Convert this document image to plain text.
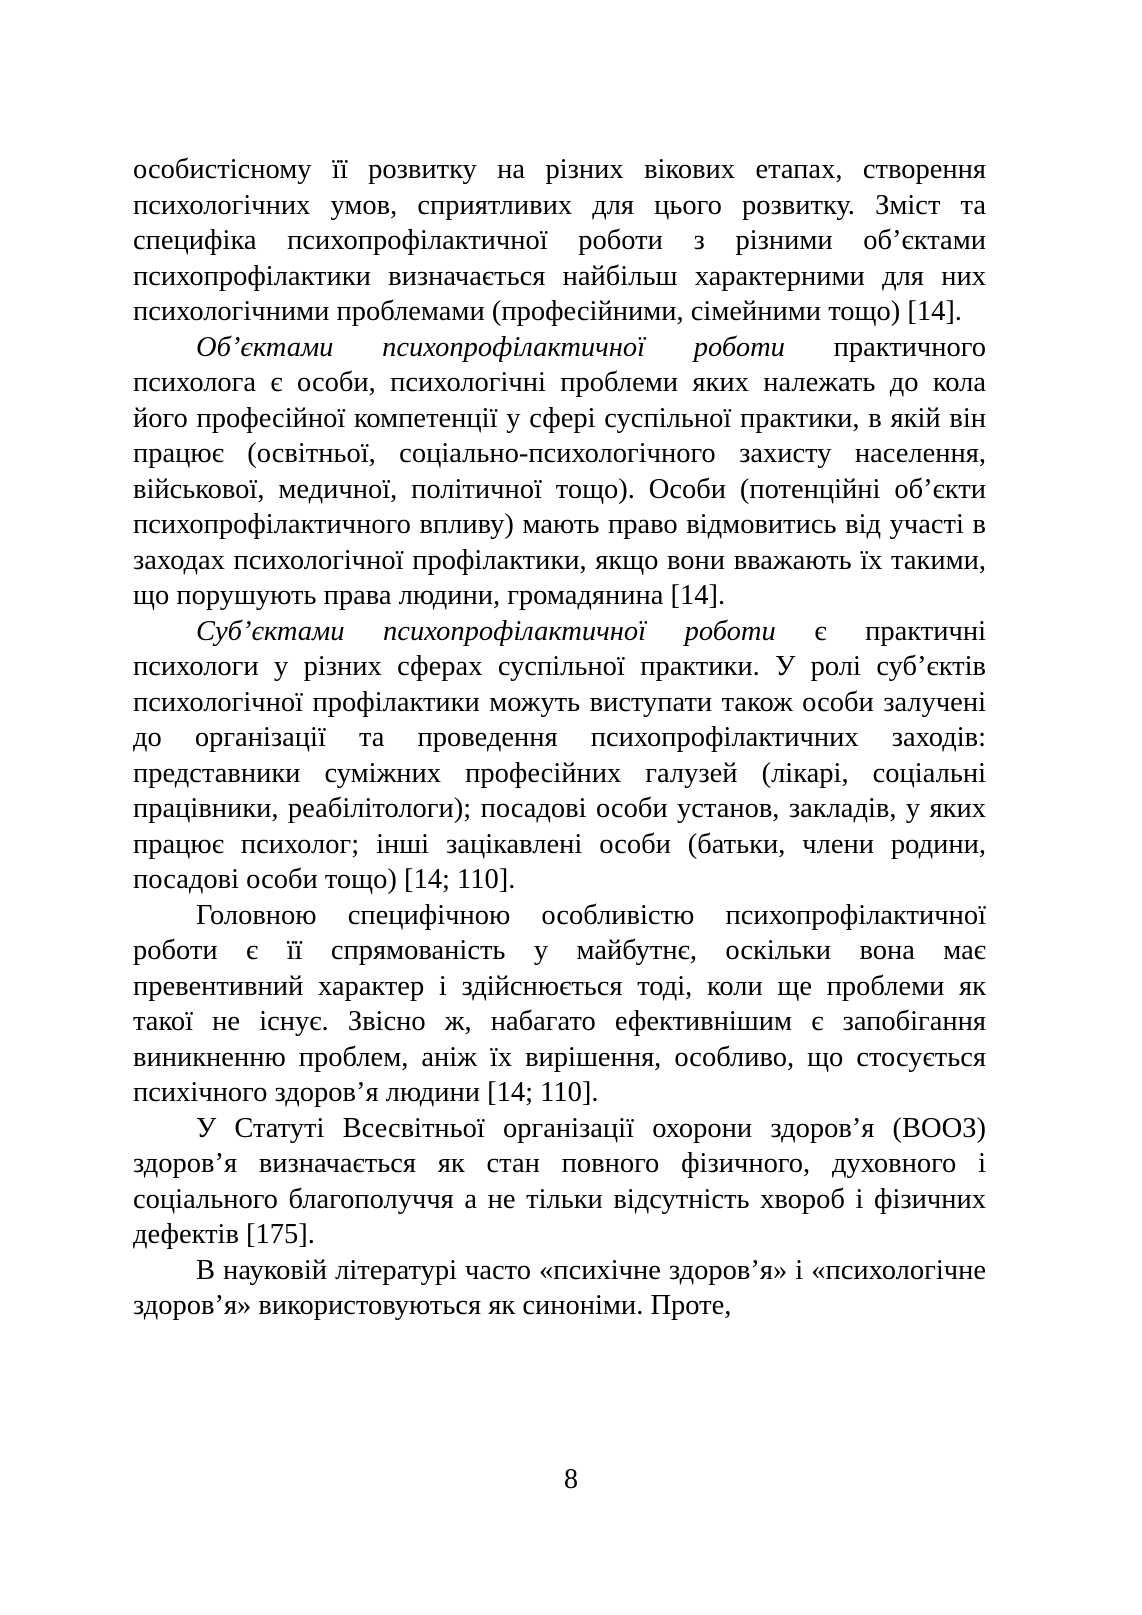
особистісному її розвитку на різних вікових етапах, створення психологічних умов, сприятливих для цього розвитку. Зміст та специфіка психопрофілактичної роботи з різними об’єктами психопрофілактики визначається найбільш характерними для них психологічними проблемами (професійними, сімейними тощо) [14].

Об’єктами психопрофілактичної роботи практичного психолога є особи, психологічні проблеми яких належать до кола його професійної компетенції у сфері суспільної практики, в якій він працює (освітньої, соціально-психологічного захисту населення, військової, медичної, політичної тощо). Особи (потенційні об’єкти психопрофілактичного впливу) мають право відмовитись від участі в заходах психологічної профілактики, якщо вони вважають їх такими, що порушують права людини, громадянина [14].

Суб’єктами психопрофілактичної роботи є практичні психологи у різних сферах суспільної практики. У ролі суб’єктів психологічної профілактики можуть виступати також особи залучені до організації та проведення психопрофілактичних заходів: представники суміжних професійних галузей (лікарі, соціальні працівники, реабілітологи); посадові особи установ, закладів, у яких працює психолог; інші зацікавлені особи (батьки, члени родини, посадові особи тощо) [14; 110].

Головною специфічною особливістю психопрофілактичної роботи є її спрямованість у майбутнє, оскільки вона має превентивний характер і здійснюється тоді, коли ще проблеми як такої не існує. Звісно ж, набагато ефективнішим є запобігання виникненню проблем, аніж їх вирішення, особливо, що стосується психічного здоров’я людини [14; 110].

У Статуті Всесвітньої організації охорони здоров’я (ВООЗ) здоров’я визначається як стан повного фізичного, духовного і соціального благополуччя а не тільки відсутність хвороб і фізичних дефектів [175].

В науковій літературі часто «психічне здоров’я» і «психологічне здоров’я» використовуються як синоніми. Проте,

8
